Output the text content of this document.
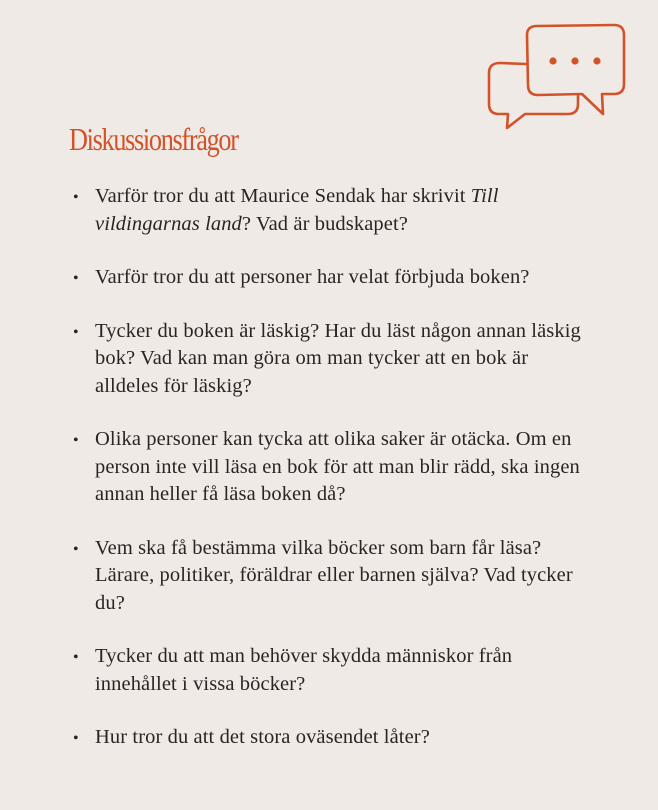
Diskussionsfrågor
• Varför tror du att Maurice Sendak har skrivit Till vildingarnas land? Vad är budskapet?
• Varför tror du att personer har velat förbjuda boken?
• Tycker du boken är läskig? Har du läst någon annan läskig bok? Vad kan man göra om man tycker att en bok är alldeles för läskig?
• Olika personer kan tycka att olika saker är otäcka. Om en person inte vill läsa en bok för att man blir rädd, ska ingen annan heller få läsa boken då?
• Vem ska få bestämma vilka böcker som barn får läsa? Lärare, politiker, föräldrar eller barnen själva? Vad tycker du?
• Tycker du att man behöver skydda människor från innehållet i vissa böcker?
• Hur tror du att det stora oväsendet låter?
